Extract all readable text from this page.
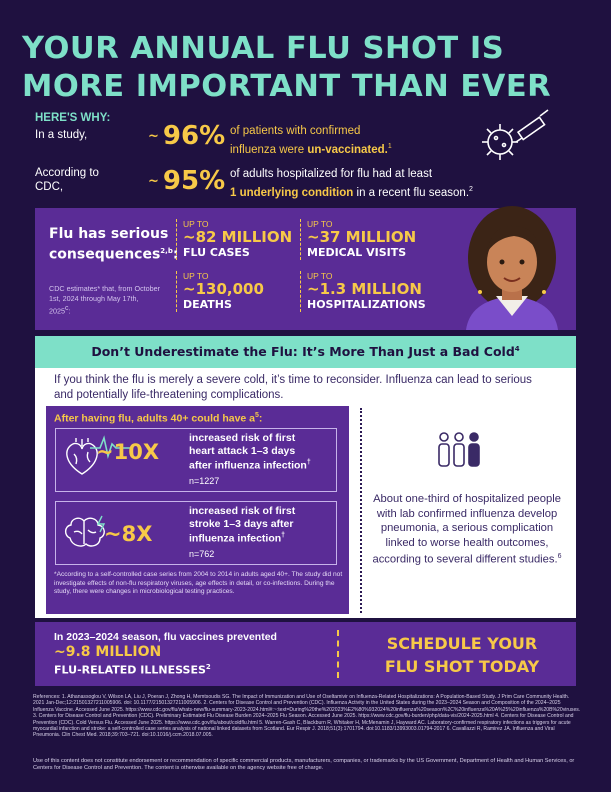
YOUR ANNUAL FLU SHOT IS
MORE IMPORTANT THAN EVER
HERE'S WHY:
In a study,	~ 96% of patients with confirmed
influenza were un-vaccinated.$^1$
According to
CDC,	~ 95% of adults hospitalized for flu had at least
1 underlying condition in a recent flu season.$^2$
Flu has serious
consequences$^{2,b}$:
CDC estimates* that, from October 1st, 2024 through May 17th, 2025$^c$:
UP TO
~82 MILLION
FLU CASES
UP TO
~37 MILLION
MEDICAL VISITS
UP TO
~130,000
DEATHS
UP TO
~1.3 MILLION
HOSPITALIZATIONS
Don’t Underestimate the Flu: It’s More Than Just a Bad Cold$^4$
If you think the flu is merely a severe cold, it’s time to reconsider. Influenza can lead to serious and potentially life-threatening complications.
After having flu, adults 40+ could have $a^5$:
~10X
increased risk of first
heart attack 1–3 days
after influenza infection†
n=1227
~8X
increased risk of first
stroke 1–3 days after
influenza infection†
n=762
*According to a self-controlled case series from 2004 to 2014 in adults aged 40+. The study did not investigate effects of non-flu respiratory viruses, age effects in detail, or co-infections. During the study, there were changes in microbiological testing practices.
About one-third of hospitalized people with lab confirmed influenza develop pneumonia, a serious complication linked to worse health outcomes, according to several different studies.$^6$
In 2023–2024 season, flu vaccines prevented
~9.8 MILLION
FLU-RELATED ILLNESSES$^2$
SCHEDULE YOUR
FLU SHOT TODAY
References: 1. Athanassoglou V, Wilson LA, Liu J, Poeran J, Zhong H, Memtsoudis SG. The Impact of Immunization and Use of Oseltamivir on Influenza-Related Hospitalizations: A Population-Based Study. J Prim Care Community Health. 2021 Jan-Dec;12:21501327211005906. doi: 10.1177/21501327211005906. 2. Centers for Disease Control and Prevention (CDC). Influenza Activity in the United States during the 2023–2024 Season and Composition of the 2024–2025 Influenza Vaccine. Accessed June 2025. https://www.cdc.gov/flu/whats-new/flu-summary-2023-2024.html#:~:text=During%20the%202023%E2%80%932024%20influenza%20season%2C%20influenza%20A%25%20influenza%20B%20viruses. 3. Centers for Disease Control and Prevention (CDC). Preliminary Estimated Flu Disease Burden 2024–2025 Flu Season. Accessed June 2025. https://www.cdc.gov/flu-burden/php/data-vis/2024-2025.html 4. Centers for Disease Control and Prevention (CDC). Cold Versus Flu. Accessed June 2025. https://www.cdc.gov/flu/about/coldflu.html 5. Warren-Gash C, Blackburn R, Whitaker H, McMenamin J, Hayward AC. Laboratory-confirmed respiratory infections as triggers for acute myocardial infarction and stroke: a self-controlled case series analysis of national linked datasets from Scotland. Eur Respir J. 2018;51(3):1701794. doi:10.1183/13993003.01794-2017 6. Cavallazzi R, Ramirez JA. Influenza and Viral Pneumonia. Clin Chest Med. 2018;39:703–721. doi:10.1016/j.ccm.2018.07.005.
Use of this content does not constitute endorsement or recommendation of specific commercial products, manufacturers, companies, or trademarks by the US Government, Department of Health and Human Services, or Centers for Disease Control and Prevention. The content is otherwise available on the agency website free of charge.
